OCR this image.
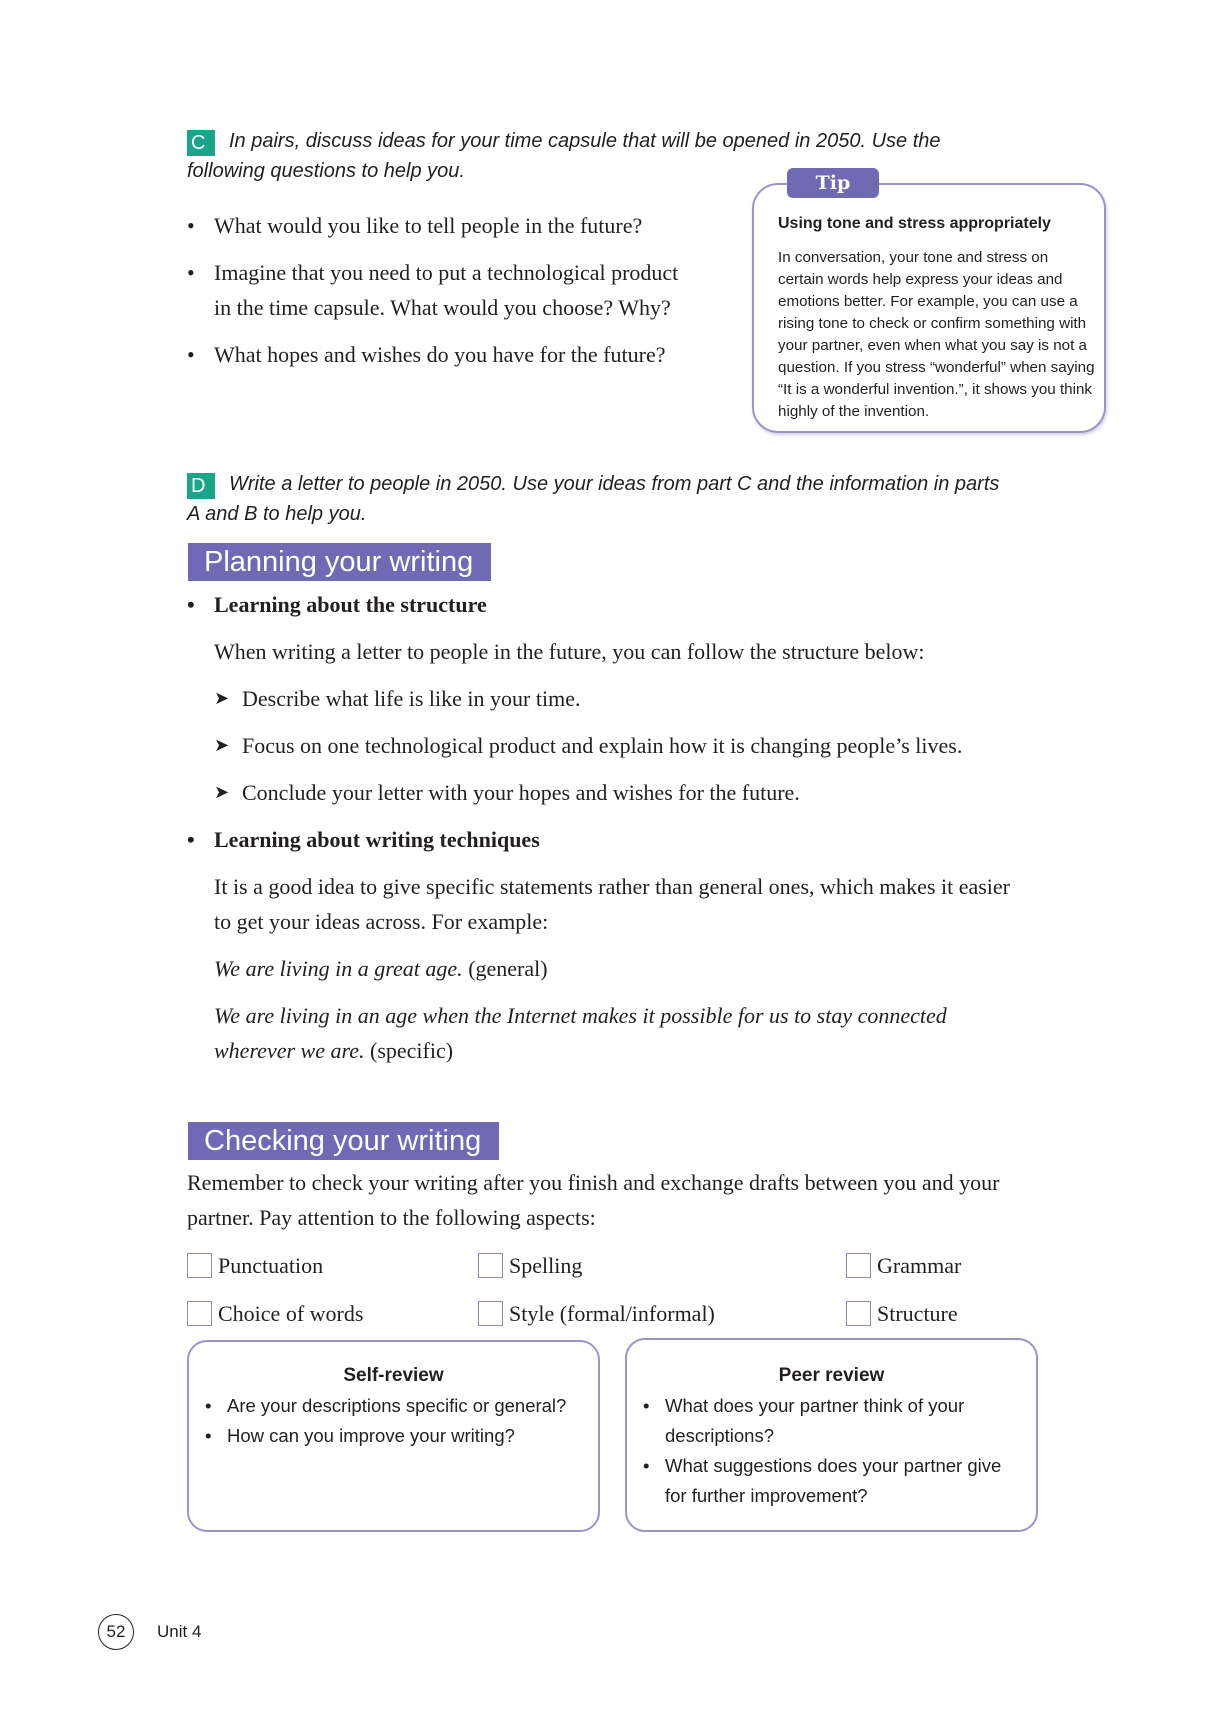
C In pairs, discuss ideas for your time capsule that will be opened in 2050. Use the
following questions to help you.
• What would you like to tell people in the future?
• Imagine that you need to put a technological product in the time capsule. What would you choose? Why?
• What hopes and wishes do you have for the future?
Using tone and stress appropriately
In conversation, your tone and stress on certain words help express your ideas and emotions better. For example, you can use a rising tone to check or confirm something with your partner, even when what you say is not a question. If you stress “wonderful” when saying “It is a wonderful invention.”, it shows you think highly of the invention.
Tip
D Write a letter to people in 2050. Use your ideas from part C and the information in parts
A and B to help you.
Planning your writing
• Learning about the structure
When writing a letter to people in the future, you can follow the structure below:
➤ Describe what life is like in your time.
➤ Focus on one technological product and explain how it is changing people’s lives.
➤ Conclude your letter with your hopes and wishes for the future.
• Learning about writing techniques
It is a good idea to give specific statements rather than general ones, which makes it easier to get your ideas across. For example:
We are living in a great age. (general)
We are living in an age when the Internet makes it possible for us to stay connected wherever we are. (specific)
Checking your writing
Remember to check your writing after you finish and exchange drafts between you and your partner. Pay attention to the following aspects:
Punctuation	Spelling	Grammar
Choice of words	Style (formal/informal)	Structure
Self-review
• Are your descriptions specific or general?
• How can you improve your writing?
Peer review
• What does your partner think of your descriptions?
• What suggestions does your partner give for further improvement?
52	Unit 4
